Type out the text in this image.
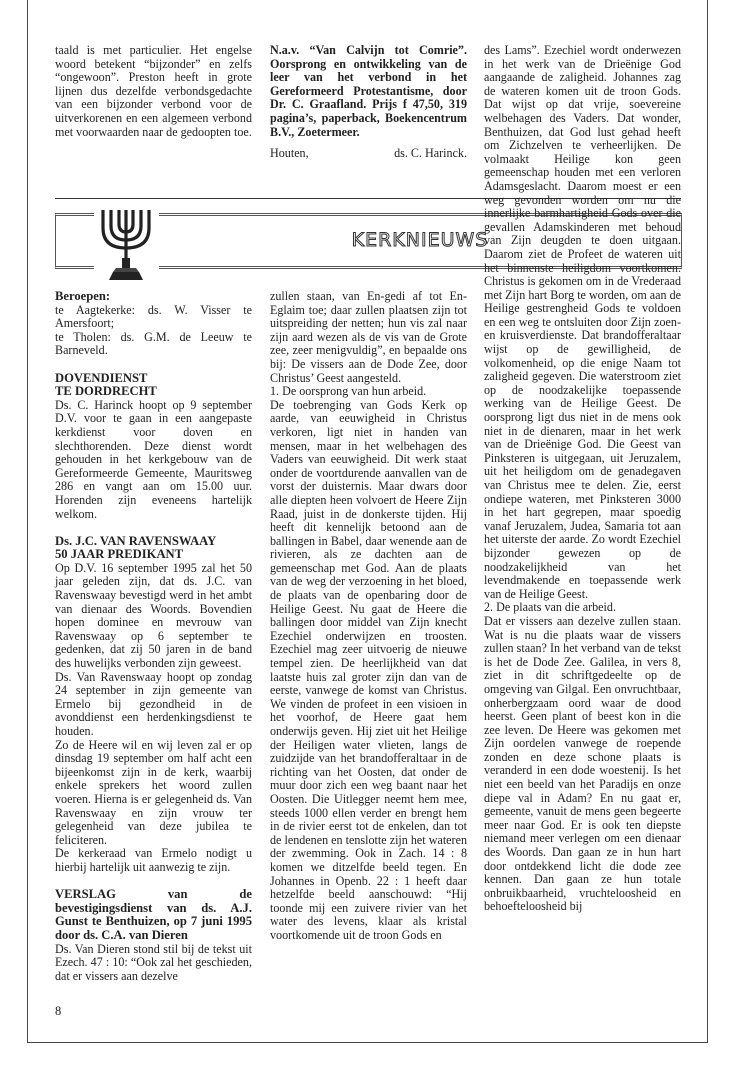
taald is met particulier. Het engelse woord betekent “bijzonder” en zelfs “ongewoon”. Preston heeft in grote lijnen dus dezelfde verbondsgedachte van een bijzonder verbond voor de uitverkorenen en een algemeen verbond met voorwaarden naar de gedoopten toe.

N.a.v. “Van Calvijn tot Comrie”. Oorsprong en ontwikkeling van de leer van het verbond in het Gereformeerd Protestantisme, door Dr. C. Graafland. Prijs f 47,50, 319 pagina’s, paperback, Boekencentrum B.V., Zoetermeer.

Houten,	ds. C. Harinck.
KERKNIEUWS

Beroepen:

te Aagtekerke: ds. W. Visser te Amersfoort;

te Tholen: ds. G.M. de Leeuw te Barneveld.

DOVENDIENST

TE DORDRECHT

Ds. C. Harinck hoopt op 9 september D.V. voor te gaan in een aangepaste kerkdienst voor doven en slechthorenden. Deze dienst wordt gehouden in het kerkgebouw van de Gereformeerde Gemeente, Mauritsweg 286 en vangt aan om 15.00 uur. Horenden zijn eveneens hartelijk welkom.

Ds. J.C. VAN RAVENSWAAY

50 JAAR PREDIKANT

Op D.V. 16 september 1995 zal het 50 jaar geleden zijn, dat ds. J.C. van Ravenswaay bevestigd werd in het ambt van dienaar des Woords. Bovendien hopen dominee en mevrouw van Ravenswaay op 6 september te gedenken, dat zij 50 jaren in de band des huwelijks verbonden zijn geweest.

Ds. Van Ravenswaay hoopt op zondag 24 september in zijn gemeente van Ermelo bij gezondheid in de avonddienst een herdenkingsdienst te houden.

Zo de Heere wil en wij leven zal er op dinsdag 19 september om half acht een bijeenkomst zijn in de kerk, waarbij enkele sprekers het woord zullen voeren. Hierna is er gelegenheid ds. Van Ravenswaay en zijn vrouw ter gelegenheid van deze jubilea te feliciteren.

De kerkeraad van Ermelo nodigt u hierbij hartelijk uit aanwezig te zijn.

VERSLAG van de bevestigingsdienst van ds. A.J. Gunst te Benthuizen, op 7 juni 1995 door ds. C.A. van Dieren

Ds. Van Dieren stond stil bij de tekst uit Ezech. 47 : 10: “Ook zal het geschieden, dat er vissers aan dezelve

zullen staan, van En-gedi af tot En-Eglaim toe; daar zullen plaatsen zijn tot uitspreiding der netten; hun vis zal naar zijn aard wezen als de vis van de Grote zee, zeer menigvuldig”, en bepaalde ons bij: De vissers aan de Dode Zee, door Christus’ Geest aangesteld.

1. De oorsprong van hun arbeid.

De toebrenging van Gods Kerk op aarde, van eeuwigheid in Christus verkoren, ligt niet in handen van mensen, maar in het welbehagen des Vaders van eeuwigheid. Dit werk staat onder de voortdurende aanvallen van de vorst der duisternis. Maar dwars door alle diepten heen volvoert de Heere Zijn Raad, juist in de donkerste tijden. Hij heeft dit kennelijk betoond aan de ballingen in Babel, daar wenende aan de rivieren, als ze dachten aan de gemeenschap met God. Aan de plaats van de weg der verzoening in het bloed, de plaats van de openbaring door de Heilige Geest. Nu gaat de Heere die ballingen door middel van Zijn knecht Ezechiel onderwijzen en troosten. Ezechiel mag zeer uitvoerig de nieuwe tempel zien. De heerlijkheid van dat laatste huis zal groter zijn dan van de eerste, vanwege de komst van Christus. We vinden de profeet in een visioen in het voorhof, de Heere gaat hem onderwijs geven. Hij ziet uit het Heilige der Heiligen water vlieten, langs de zuidzijde van het brandofferaltaar in de richting van het Oosten, dat onder de muur door zich een weg baant naar het Oosten. Die Uitlegger neemt hem mee, steeds 1000 ellen verder en brengt hem in de rivier eerst tot de enkelen, dan tot de lendenen en tenslotte zijn het wateren der zwemming. Ook in Zach. 14 : 8 komen we ditzelfde beeld tegen. En Johannes in Openb. 22 : 1 heeft daar hetzelfde beeld aanschouwd: “Hij toonde mij een zuivere rivier van het water des levens, klaar als kristal voortkomende uit de troon Gods en

des Lams”. Ezechiel wordt onderwezen in het werk van de Drieënige God aangaande de zaligheid. Johannes zag de wateren komen uit de troon Gods. Dat wijst op dat vrije, soevereine welbehagen des Vaders. Dat wonder, Benthuizen, dat God lust gehad heeft om Zichzelven te verheerlijken. De volmaakt Heilige kon geen gemeenschap houden met een verloren Adamsgeslacht. Daarom moest er een weg gevonden worden om nu die innerlijke barmhartigheid Gods over die gevallen Adamskinderen met behoud van Zijn deugden te doen uitgaan. Daarom ziet de Profeet de wateren uit het binnenste heiligdom voortkomen. Christus is gekomen om in de Vrederaad met Zijn hart Borg te worden, om aan de Heilige gestrengheid Gods te voldoen en een weg te ontsluiten door Zijn zoen- en kruisverdienste. Dat brandofferaltaar wijst op de gewilligheid, de volkomenheid, op die enige Naam tot zaligheid gegeven. Die waterstroom ziet op de noodzakelijke toepassende werking van de Heilige Geest. De oorsprong ligt dus niet in de mens ook niet in de dienaren, maar in het werk van de Drieënige God. Die Geest van Pinksteren is uitgegaan, uit Jeruzalem, uit het heiligdom om de genadegaven van Christus mee te delen. Zie, eerst ondiepe wateren, met Pinksteren 3000 in het hart gegrepen, maar spoedig vanaf Jeruzalem, Judea, Samaria tot aan het uiterste der aarde. Zo wordt Ezechiel bijzonder gewezen op de noodzakelijkheid van het levendmakende en toepassende werk van de Heilige Geest.

2. De plaats van die arbeid.

Dat er vissers aan dezelve zullen staan. Wat is nu die plaats waar de vissers zullen staan? In het verband van de tekst is het de Dode Zee. Galilea, in vers 8, ziet in dit schriftgedeelte op de omgeving van Gilgal. Een onvruchtbaar, onherbergzaam oord waar de dood heerst. Geen plant of beest kon in die zee leven. De Heere was gekomen met Zijn oordelen vanwege de roepende zonden en deze schone plaats is veranderd in een dode woestenij. Is het niet een beeld van het Paradijs en onze diepe val in Adam? En nu gaat er, gemeente, vanuit de mens geen begeerte meer naar God. Er is ook ten diepste niemand meer verlegen om een dienaar des Woords. Dan gaan ze in hun hart door ontdekkend licht die dode zee kennen. Dan gaan ze hun totale onbruikbaarheid, vruchteloosheid en behoefteloosheid bij

8
